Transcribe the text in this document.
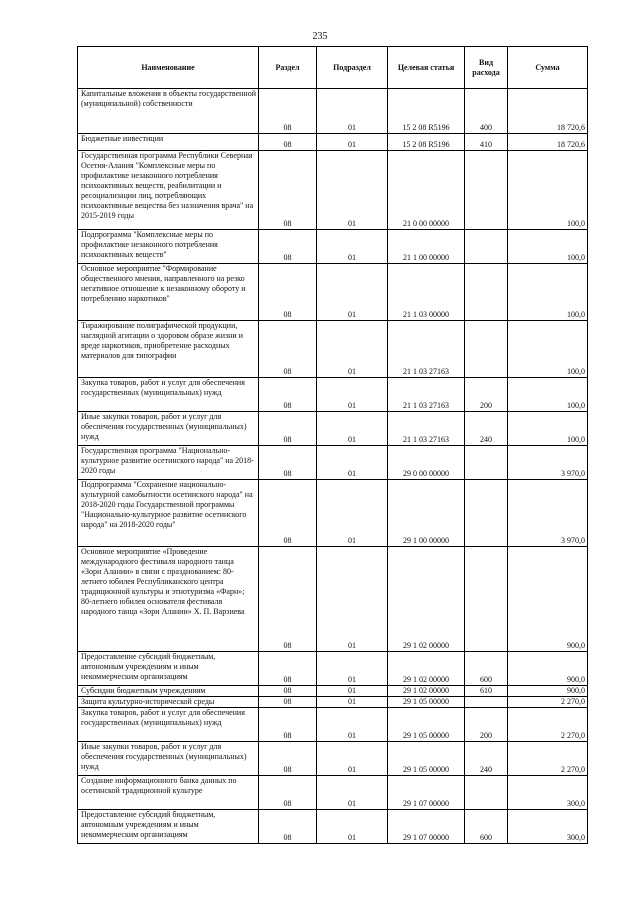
235
Наименование	Раздел	Подраздел	Целевая статья	Вид расхода	Сумма
Капитальные вложения в объекты государственной (муниципальной) собственности	08	01	15 2 08 R5196	400	18 720,6
Бюджетные инвестиции	08	01	15 2 08 R5196	410	18 720,6
Государственная программа Республики Северная Осетия-Алания "Комплексные меры по профилактике незаконного потребления психоактивных веществ, реабилитации и ресоциализации лиц, потребляющих психоактивные вещества без назначения врача" на 2015-2019 годы	08	01	21 0 00 00000		100,0
Подпрограмма "Комплексные меры по профилактике незаконного потребления психоактивных веществ"	08	01	21 1 00 00000		100,0
Основное мероприятие "Формирование общественного мнения, направленного на резко негативное отношение к незаконному обороту и потреблению наркотиков"	08	01	21 1 03 00000		100,0
Тиражирование полиграфической продукции, наглядной агитации о здоровом образе жизни и вреде наркотиков, приобретение расходных материалов для типографии	08	01	21 1 03 27163		100,0
Закупка товаров, работ и услуг для обеспечения государственных (муниципальных) нужд	08	01	21 1 03 27163	200	100,0
Иные закупки товаров, работ и услуг для обеспечения государственных (муниципальных) нужд	08	01	21 1 03 27163	240	100,0
Государственная программа "Национально-культурное развитие осетинского народа" на 2018-2020 годы	08	01	29 0 00 00000		3 970,0
Подпрограмма "Сохранение национально-культурной самобытности осетинского народа" на 2018-2020 годы Государственной программы "Национально-культурное развитие осетинского народа" на 2018-2020 годы"	08	01	29 1 00 00000		3 970,0
Основное мероприятие «Проведение международного фестиваля народного танца «Зори Алании» в связи с празднованием: 80-летнего юбилея Республиканского центра традиционной культуры и этнотуризма «Фарн»; 80-летнего юбилея основателя фестиваля народного танца «Зори Алании» Х. П. Варзиева	08	01	29 1 02 00000		900,0
Предоставление субсидий бюджетным, автономным учреждениям и иным некоммерческим организациям	08	01	29 1 02 00000	600	900,0
Субсидии бюджетным учреждениям	08	01	29 1 02 00000	610	900,0
Защита культурно-исторической среды	08	01	29 1 05 00000		2 270,0
Закупка товаров, работ и услуг для обеспечения государственных (муниципальных) нужд	08	01	29 1 05 00000	200	2 270,0
Иные закупки товаров, работ и услуг для обеспечения государственных (муниципальных) нужд	08	01	29 1 05 00000	240	2 270,0
Создание информационного банка данных по осетинской традиционной культуре	08	01	29 1 07 00000		300,0
Предоставление субсидий бюджетным, автономным учреждениям и иным некоммерческим организациям	08	01	29 1 07 00000	600	300,0
